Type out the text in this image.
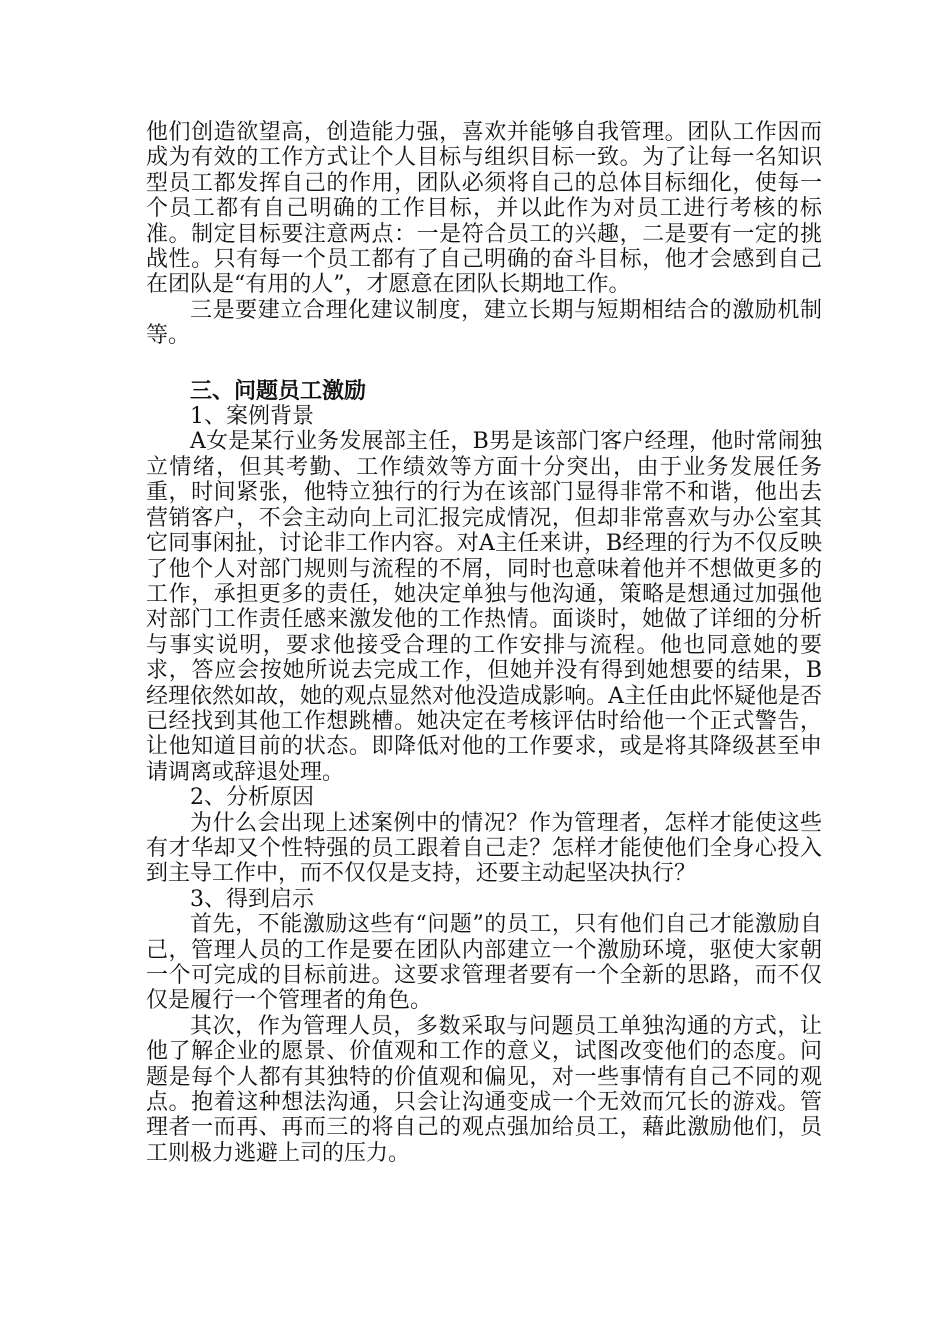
他们创造欲望高，创造能力强，喜欢并能够自我管理。团队工作因而成为有效的工作方式让个人目标与组织目标一致。为了让每一名知识型员工都发挥自己的作用，团队必须将自己的总体目标细化，使每一个员工都有自己明确的工作目标，并以此作为对员工进行考核的标准。制定目标要注意两点：一是符合员工的兴趣，二是要有一定的挑战性。只有每一个员工都有了自己明确的奋斗目标，他才会感到自己在团队是“有用的人”，才愿意在团队长期地工作。

三是要建立合理化建议制度，建立长期与短期相结合的激励机制等。

三、问题员工激励

1、案例背景

A女是某行业务发展部主任，B男是该部门客户经理，他时常闹独立情绪，但其考勤、工作绩效等方面十分突出，由于业务发展任务重，时间紧张，他特立独行的行为在该部门显得非常不和谐，他出去营销客户，不会主动向上司汇报完成情况，但却非常喜欢与办公室其它同事闲扯，讨论非工作内容。对A主任来讲，B经理的行为不仅反映了他个人对部门规则与流程的不屑，同时也意味着他并不想做更多的工作，承担更多的责任，她决定单独与他沟通，策略是想通过加强他对部门工作责任感来激发他的工作热情。面谈时，她做了详细的分析与事实说明，要求他接受合理的工作安排与流程。他也同意她的要求，答应会按她所说去完成工作，但她并没有得到她想要的结果，B经理依然如故，她的观点显然对他没造成影响。A主任由此怀疑他是否已经找到其他工作想跳槽。她决定在考核评估时给他一个正式警告，让他知道目前的状态。即降低对他的工作要求，或是将其降级甚至申请调离或辞退处理。

2、分析原因

为什么会出现上述案例中的情况？作为管理者，怎样才能使这些有才华却又个性特强的员工跟着自己走？怎样才能使他们全身心投入到主导工作中，而不仅仅是支持，还要主动起坚决执行？

3、得到启示

首先，不能激励这些有“问题”的员工，只有他们自己才能激励自己，管理人员的工作是要在团队内部建立一个激励环境，驱使大家朝一个可完成的目标前进。这要求管理者要有一个全新的思路，而不仅仅是履行一个管理者的角色。

其次，作为管理人员，多数采取与问题员工单独沟通的方式，让他了解企业的愿景、价值观和工作的意义，试图改变他们的态度。问题是每个人都有其独特的价值观和偏见，对一些事情有自己不同的观点。抱着这种想法沟通，只会让沟通变成一个无效而冗长的游戏。管理者一而再、再而三的将自己的观点强加给员工，藉此激励他们，员工则极力逃避上司的压力。
